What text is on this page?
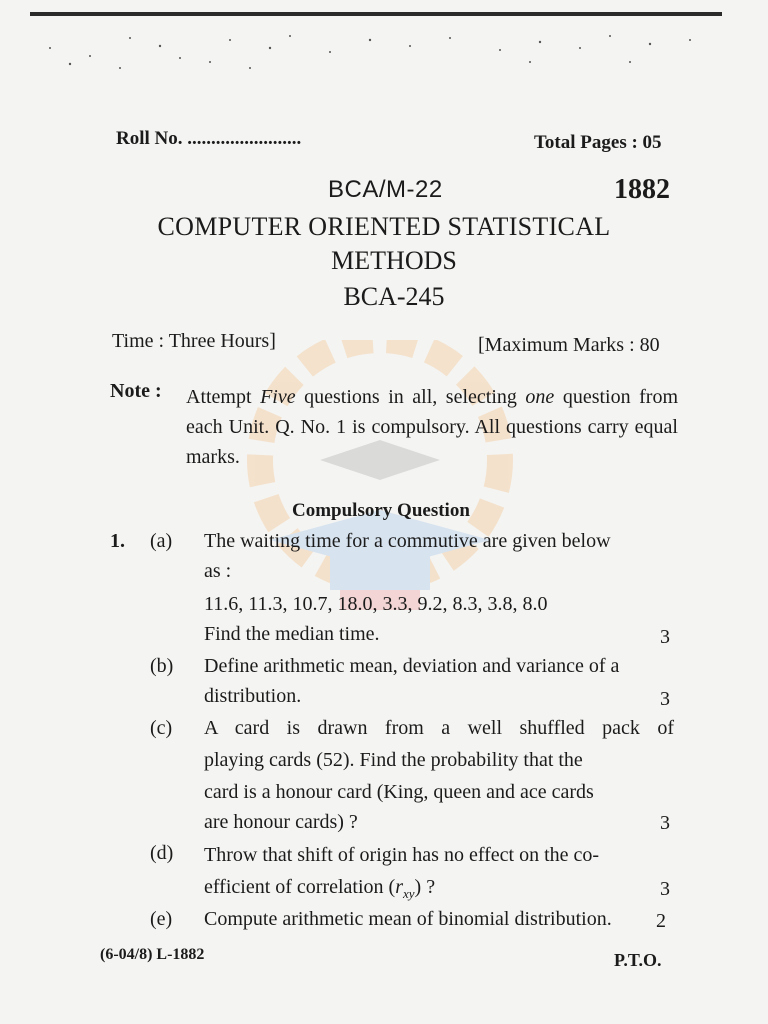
Roll No. ........................	Total Pages : 05
BCA/M-22	1882
COMPUTER ORIENTED STATISTICAL
METHODS
BCA-245
Time : Three Hours]	[Maximum Marks : 80
Note : Attempt Five questions in all, selecting one question from each Unit. Q. No. 1 is compulsory. All questions carry equal marks.
Compulsory Question
1. (a) The waiting time for a commutive are given below
as :
11.6, 11.3, 10.7, 18.0, 3.3, 9.2, 8.3, 3.8, 8.0
Find the median time.	3
(b) Define arithmetic mean, deviation and variance of a
distribution.	3
(c) A card is drawn from a well shuffled pack of
playing cards (52). Find the probability that the
card is a honour card (King, queen and ace cards
are honour cards) ?	3
(d) Throw that shift of origin has no effect on the co-
efficient of correlation $(r_{xy})$ ?	3
(e) Compute arithmetic mean of binomial distribution. 2
(6-04/8) L-1882	P.T.O.
